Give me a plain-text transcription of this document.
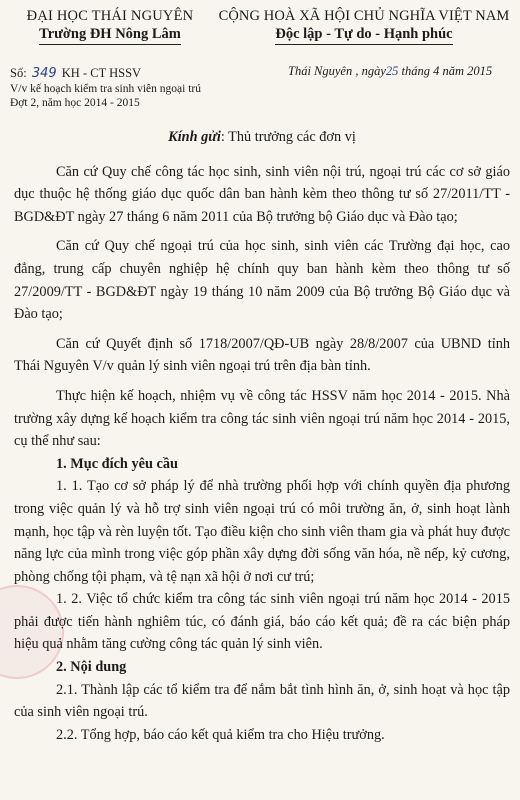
ĐẠI HỌC THÁI NGUYÊN
Trường ĐH Nông Lâm
CỘNG HOÀ XÃ HỘI CHỦ NGHĨA VIỆT NAM
Độc lập - Tự do - Hạnh phúc
Số: 349 KH - CT HSSV
V/v kế hoạch kiểm tra sinh viên ngoại trú
Đợt 2, năm học 2014 - 2015
Thái Nguyên , ngày25 tháng 4 năm 2015

Kính gửi: Thủ trưởng các đơn vị

Căn cứ Quy chế công tác học sinh, sinh viên nội trú, ngoại trú các cơ sở giáo dục thuộc hệ thống giáo dục quốc dân ban hành kèm theo thông tư số 27/2011/TT - BGD&ĐT ngày 27 tháng 6 năm 2011 của Bộ trưởng bộ Giáo dục và Đào tạo;

Căn cứ Quy chế ngoại trú của học sinh, sinh viên các Trường đại học, cao đẳng, trung cấp chuyên nghiệp hệ chính quy ban hành kèm theo thông tư số 27/2009/TT - BGD&ĐT ngày 19 tháng 10 năm 2009 của Bộ trưởng Bộ Giáo dục và Đào tạo;

Căn cứ Quyết định số 1718/2007/QĐ-UB ngày 28/8/2007 của UBND tỉnh Thái Nguyên V/v quản lý sinh viên ngoại trú trên địa bàn tỉnh.

Thực hiện kế hoạch, nhiệm vụ về công tác HSSV năm học 2014 - 2015. Nhà trường xây dựng kế hoạch kiểm tra công tác sinh viên ngoại trú năm học 2014 - 2015, cụ thể như sau:

1. Mục đích yêu cầu

1. 1. Tạo cơ sở pháp lý để nhà trường phối hợp với chính quyền địa phương trong việc quản lý và hỗ trợ sinh viên ngoại trú có môi trường ăn, ở, sinh hoạt lành mạnh, học tập và rèn luyện tốt. Tạo điều kiện cho sinh viên tham gia và phát huy được năng lực của mình trong việc góp phần xây dựng đời sống văn hóa, nề nếp, kỷ cương, phòng chống tội phạm, và tệ nạn xã hội ở nơi cư trú;

1. 2. Việc tổ chức kiểm tra công tác sinh viên ngoại trú năm học 2014 - 2015 phải được tiến hành nghiêm túc, có đánh giá, báo cáo kết quả; đề ra các biện pháp hiệu quả nhằm tăng cường công tác quản lý sinh viên.

2. Nội dung

2.1. Thành lập các tổ kiểm tra để nắm bắt tình hình ăn, ở, sinh hoạt và học tập của sinh viên ngoại trú.

2.2. Tổng hợp, báo cáo kết quả kiểm tra cho Hiệu trưởng.
